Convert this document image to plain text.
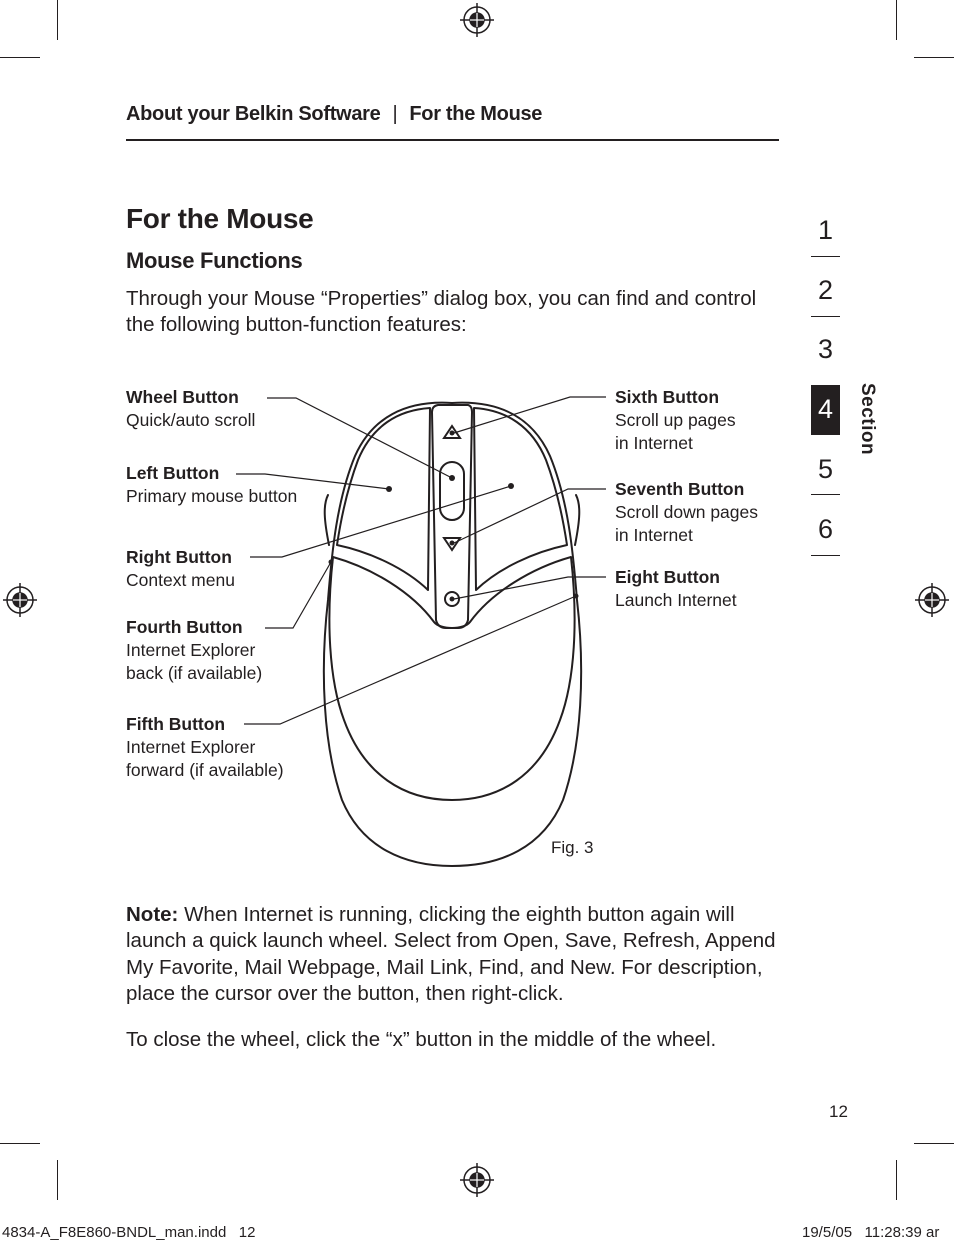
About your Belkin Software | For the Mouse
For the Mouse
Mouse Functions
Through your Mouse “Properties” dialog box, you can find and control the following button-function features:
Wheel Button
Quick/auto scroll
Left Button
Primary mouse button
Right Button
Context menu
Fourth Button
Internet Explorer
back (if available)
Fifth Button
Internet Explorer
forward (if available)
Sixth Button
Scroll up pages
in Internet
Seventh Button
Scroll down pages
in Internet
Eight Button
Launch Internet
Fig. 3
Note: When Internet is running, clicking the eighth button again will launch a quick launch wheel. Select from Open, Save, Refresh, Append My Favorite, Mail Webpage, Mail Link, Find, and New. For description, place the cursor over the button, then right-click.
To close the wheel, click the “x” button in the middle of the wheel.
1
2
3
4
5
6
Section
12
4834-A_F8E860-BNDL_man.indd   12	19/5/05   11:28:39 ar
